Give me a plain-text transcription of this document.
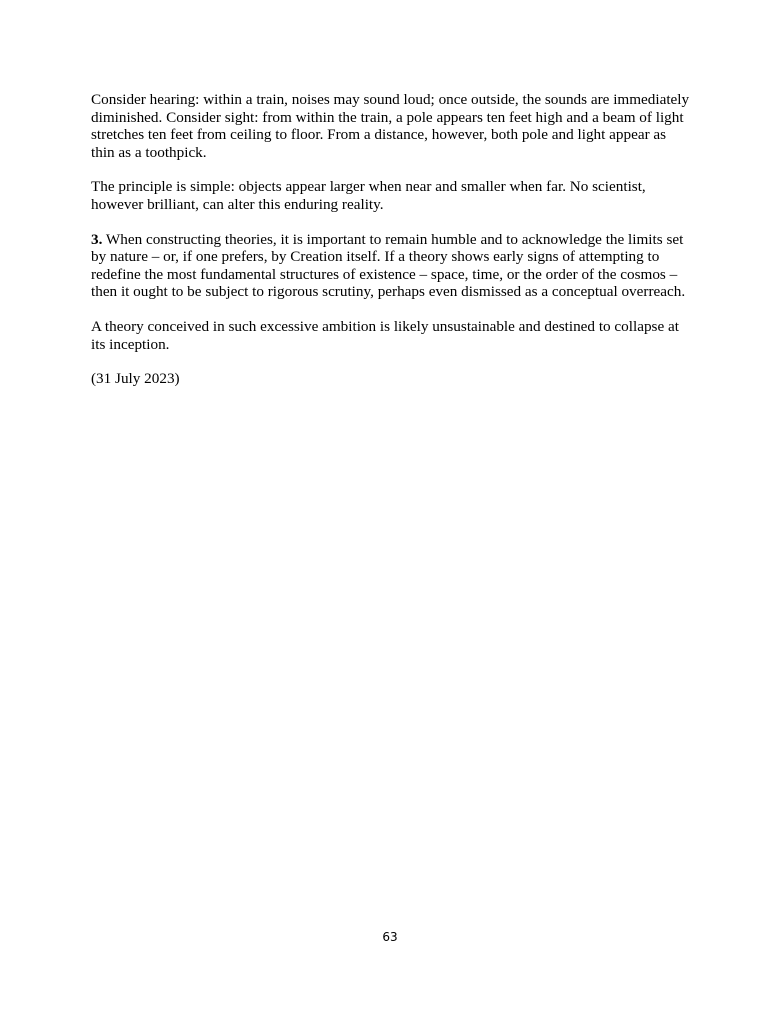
Consider hearing: within a train, noises may sound loud; once outside, the sounds are immediately diminished. Consider sight: from within the train, a pole appears ten feet high and a beam of light stretches ten feet from ceiling to floor. From a distance, however, both pole and light appear as thin as a toothpick.

The principle is simple: objects appear larger when near and smaller when far. No scientist, however brilliant, can alter this enduring reality.

3. When constructing theories, it is important to remain humble and to acknowledge the limits set by nature – or, if one prefers, by Creation itself. If a theory shows early signs of attempting to redefine the most fundamental structures of existence – space, time, or the order of the cosmos – then it ought to be subject to rigorous scrutiny, perhaps even dismissed as a conceptual overreach.

A theory conceived in such excessive ambition is likely unsustainable and destined to collapse at its inception.

(31 July 2023)

63
